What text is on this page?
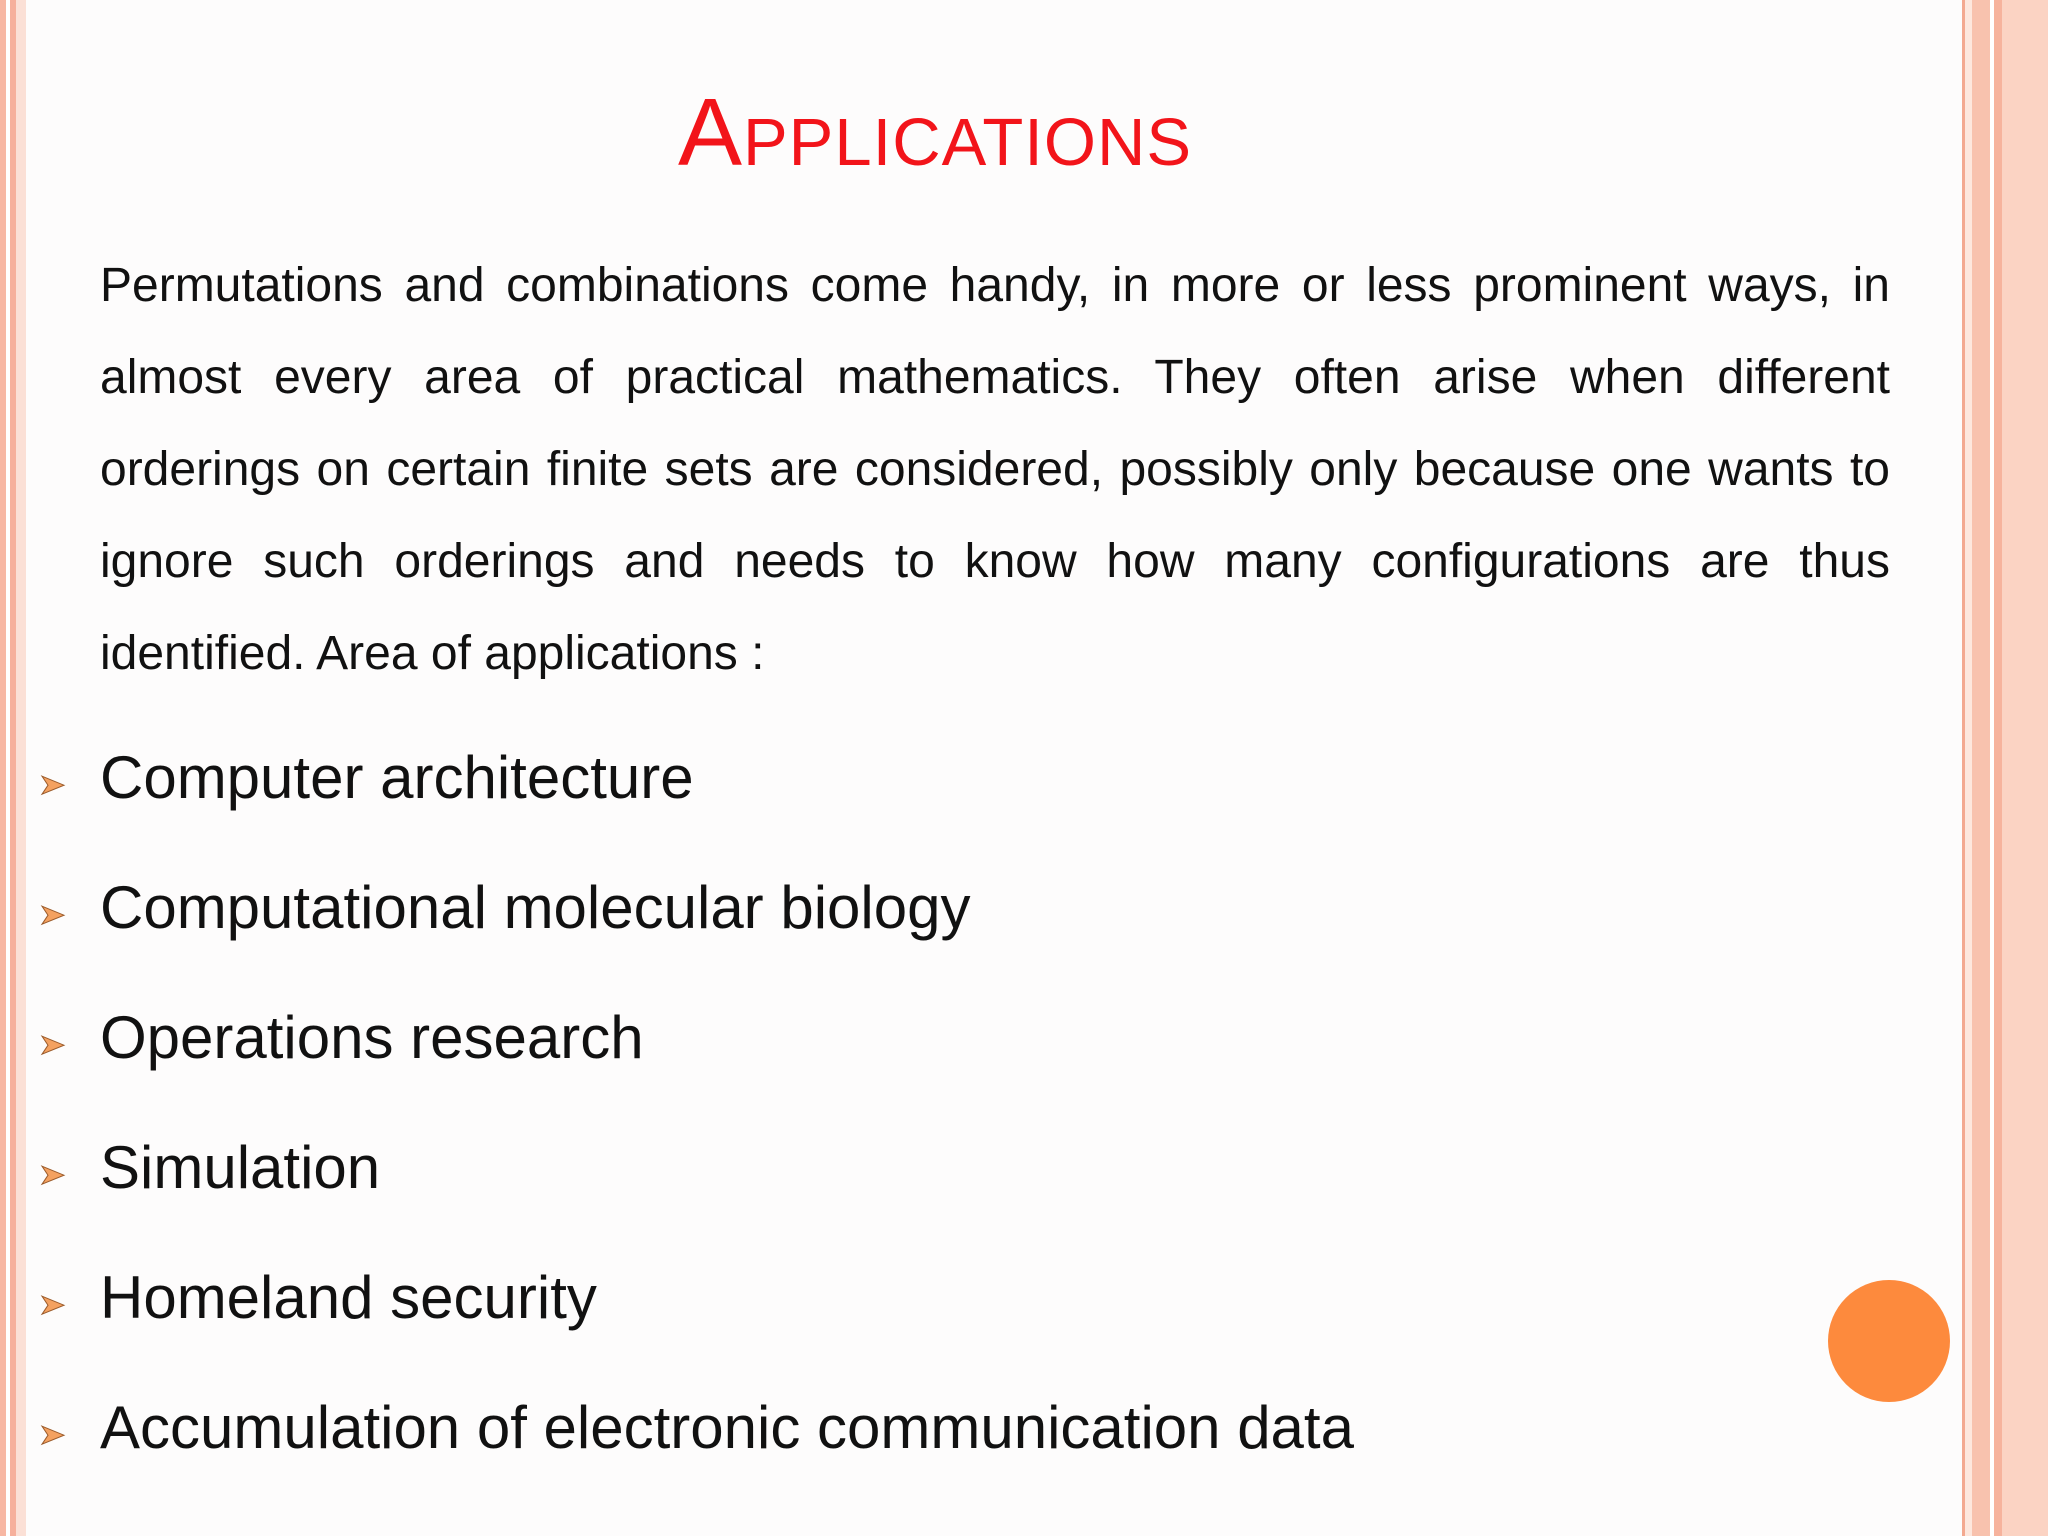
Applications

Permutations and combinations come handy, in more or less prominent ways, in almost every area of practical mathematics. They often arise when different orderings on certain finite sets are considered, possibly only because one wants to ignore such orderings and needs to know how many configurations are thus identified. Area of applications :

Computer architecture
Computational molecular biology
Operations research
Simulation
Homeland security
Accumulation of electronic communication data
